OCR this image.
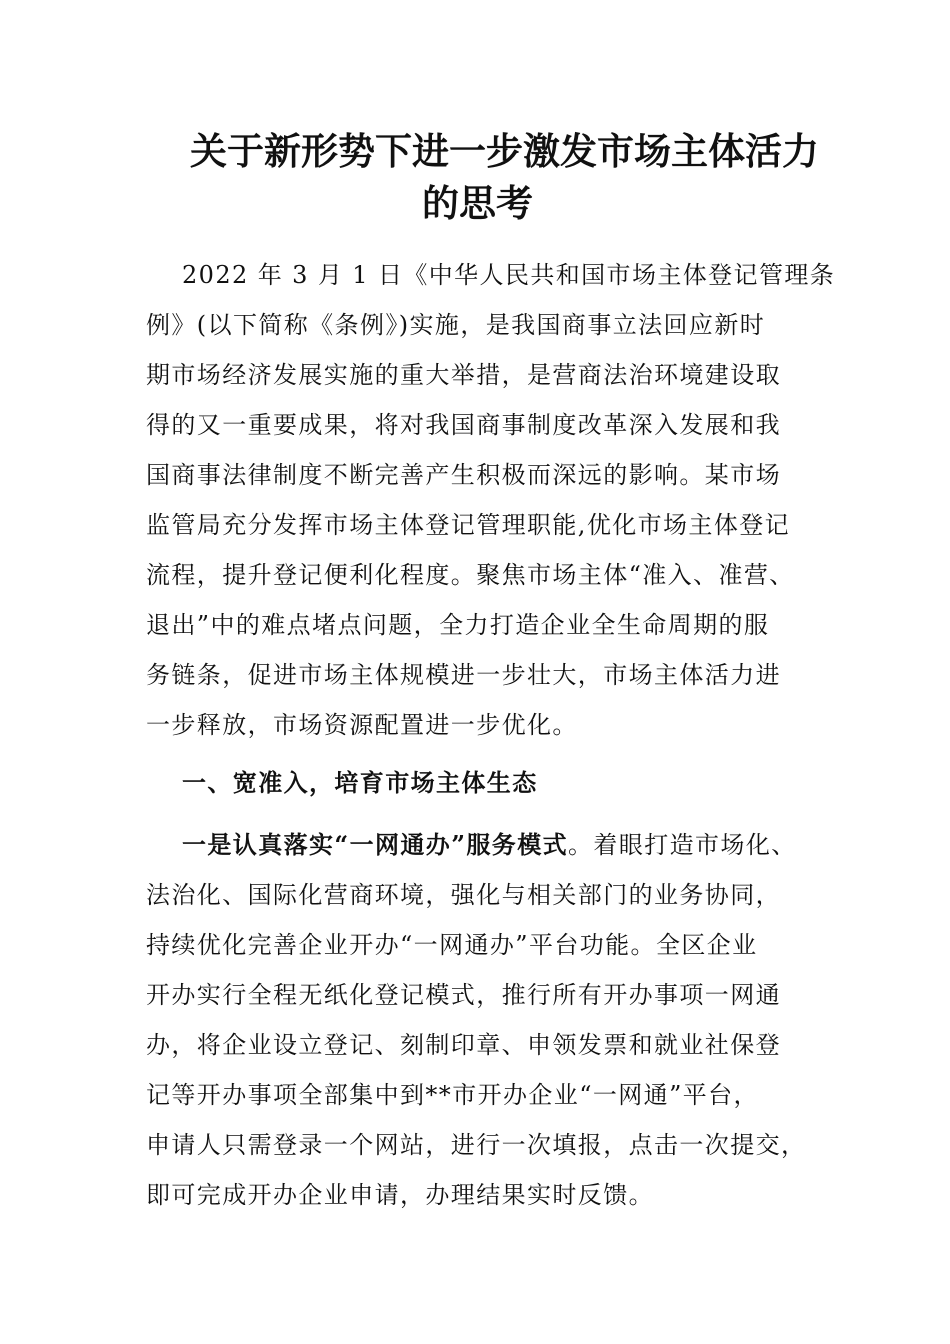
关于新形势下进一步激发市场主体活力
的思考
2022 年 3 月 1 日《中华人民共和国市场主体登记管理条
例》(以下简称《条例》)实施，是我国商事立法回应新时
期市场经济发展实施的重大举措，是营商法治环境建设取
得的又一重要成果，将对我国商事制度改革深入发展和我
国商事法律制度不断完善产生积极而深远的影响。某市场
监管局充分发挥市场主体登记管理职能,优化市场主体登记
流程，提升登记便利化程度。聚焦市场主体“准入、准营、
退出”中的难点堵点问题，全力打造企业全生命周期的服
务链条，促进市场主体规模进一步壮大，市场主体活力进
一步释放，市场资源配置进一步优化。
一、宽准入，培育市场主体生态
一是认真落实“一网通办”服务模式。着眼打造市场化、
法治化、国际化营商环境，强化与相关部门的业务协同，
持续优化完善企业开办“一网通办”平台功能。全区企业
开办实行全程无纸化登记模式，推行所有开办事项一网通
办，将企业设立登记、刻制印章、申领发票和就业社保登
记等开办事项全部集中到**市开办企业“一网通”平台，
申请人只需登录一个网站，进行一次填报，点击一次提交，
即可完成开办企业申请，办理结果实时反馈。
